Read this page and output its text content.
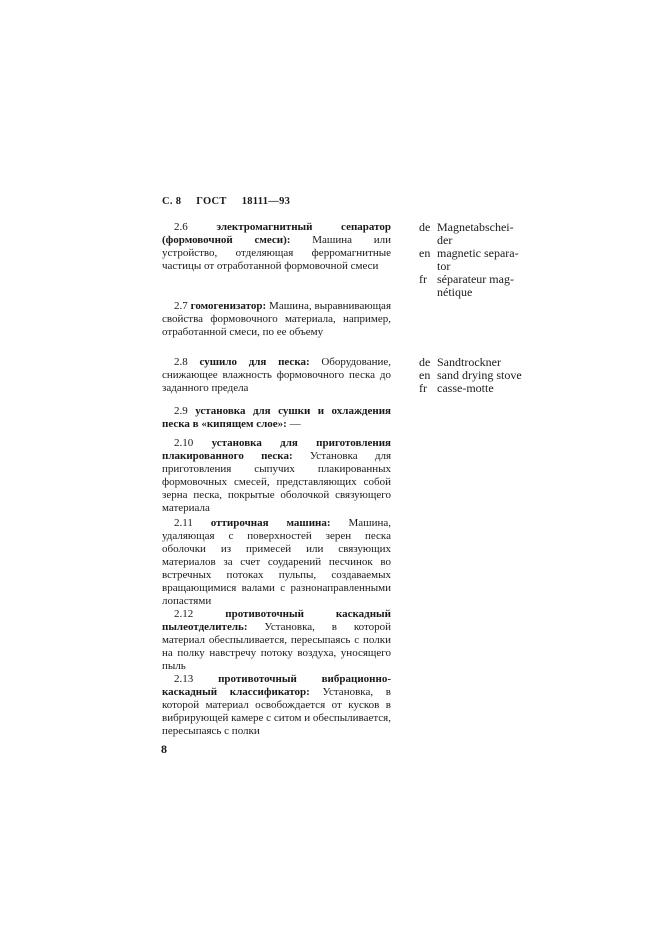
С. 8 ГОСТ 18111—93

2.6	электромагнитный сепаратор (формовочной смеси): Машина или устройство, отделяющая ферромагнитные частицы от отработанной формовочной смеси

2.7 гомогенизатор: Машина, выравнивающая свойства формовочного материала, например, отработанной смеси, по ее объему

2.8 сушило для песка: Оборудование, снижающее влажность формовочного песка до заданного предела

2.9 установка для сушки и охлаждения песка в «кипящем слое»: —

2.10 установка для приготовления плакированного песка: Установка для приготовления сыпучих плакированных формовочных смесей, представляющих собой зерна песка, покрытые оболочкой связующего материала

2.11 оттирочная машина: Машина, удаляющая с поверхностей зерен песка оболочки из примесей или связующих материалов за счет соударений песчинок во встречных потоках пульпы, создаваемых вращающимися валами с разнонаправленными лопастями

2.12	противоточный каскадный пылеотделитель: Установка, в которой материал обеспыливается, пересыпаясь с полки на полку навстречу потоку воздуха, уносящего пыль

2.13 противоточный вибрационно-каскадный классификатор: Установка, в которой материал освобождается от кусков в вибрирующей камере с ситом и обеспыливается, пересыпаясь с полки

de Magnetabschei-
der
en magnetic separa-
tor
fr séparateur mag-
nétique
de Sandtrockner
en sand drying stove
fr casse-motte
8
